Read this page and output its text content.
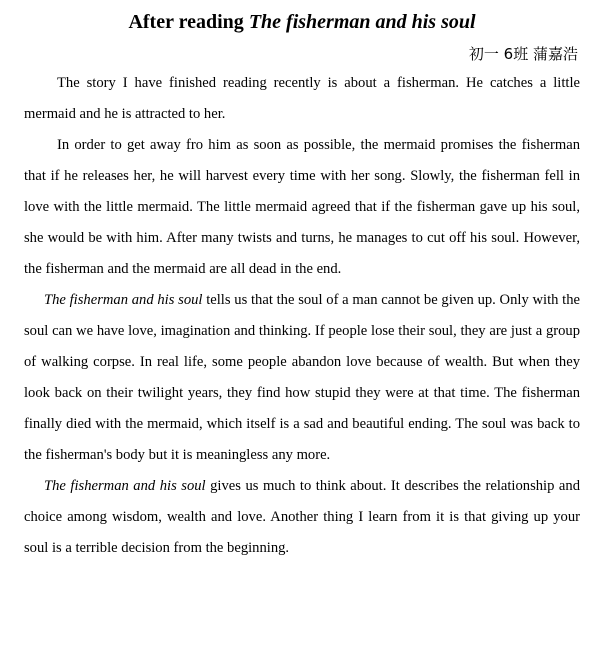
After reading The fisherman and his soul
初一 6班 蒲嘉浩

The story I have finished reading recently is about a fisherman. He catches a little mermaid and he is attracted to her.

In order to get away fro him as soon as possible, the mermaid promises the fisherman that if he releases her, he will harvest every time with her song. Slowly, the fisherman fell in love with the little mermaid. The little mermaid agreed that if the fisherman gave up his soul, she would be with him. After many twists and turns, he manages to cut off his soul. However, the fisherman and the mermaid are all dead in the end.

The fisherman and his soul tells us that the soul of a man cannot be given up. Only with the soul can we have love, imagination and thinking. If people lose their soul, they are just a group of walking corpse. In real life, some people abandon love because of wealth. But when they look back on their twilight years, they find how stupid they were at that time. The fisherman finally died with the mermaid, which itself is a sad and beautiful ending. The soul was back to the fisherman's body but it is meaningless any more.

The fisherman and his soul gives us much to think about. It describes the relationship and choice among wisdom, wealth and love. Another thing I learn from it is that giving up your soul is a terrible decision from the beginning.
